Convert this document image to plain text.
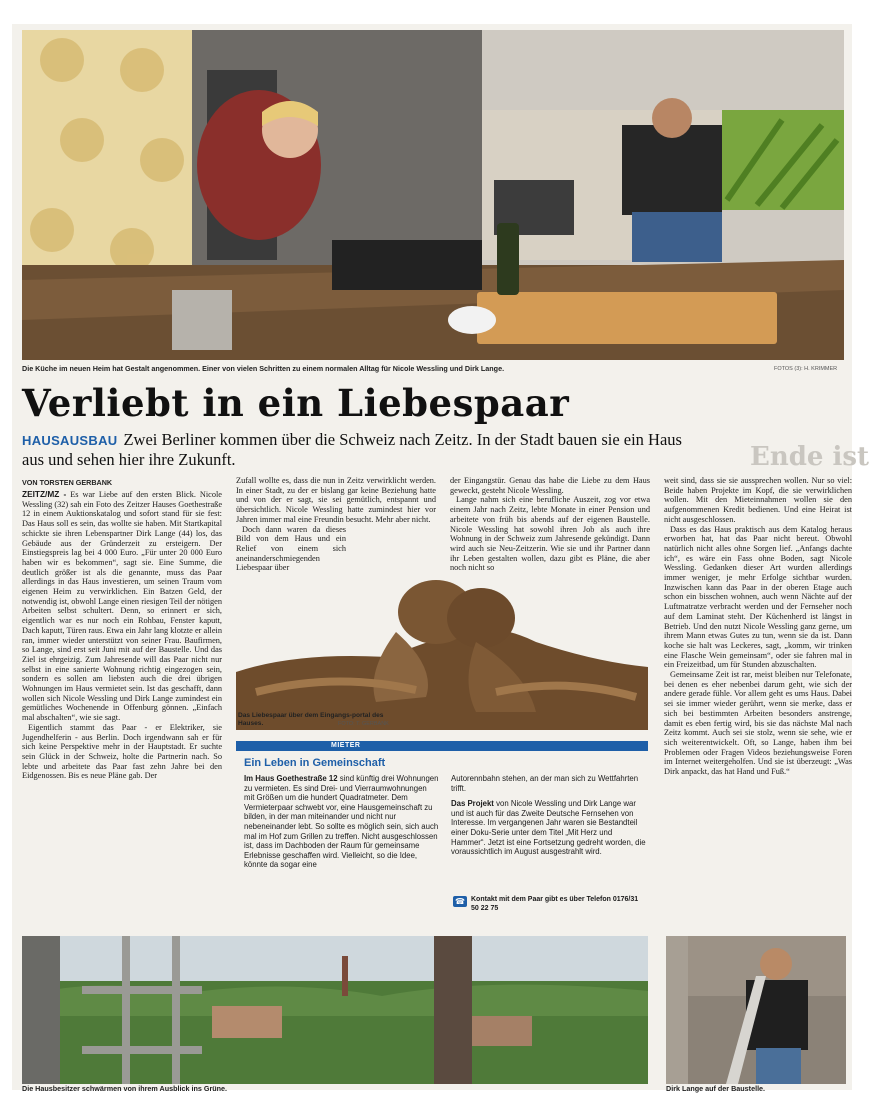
Die Küche im neuen Heim hat Gestalt angenommen. Einer von vielen Schritten zu einem normalen Alltag für Nicole Wessling und Dirk Lange.	FOTOS (3): H. KRIMMER
Ende ist
Verliebt in ein Liebespaar
HAUSAUSBAU Zwei Berliner kommen über die Schweiz nach Zeitz. In der Stadt bauen sie ein Haus aus und sehen hier ihre Zukunft.
VON TORSTEN GERBANK

ZEITZ/MZ - Es war Liebe auf den ersten Blick. Nicole Wessling (32) sah ein Foto des Zeitzer Hauses Goethestraße 12 in einem Auktionskatalog und sofort stand für sie fest: Das Haus soll es sein, das wollte sie haben. Mit Startkapital schickte sie ihren Lebenspartner Dirk Lange (44) los, das Gebäude aus der Gründerzeit zu ersteigern. Der Einstiegspreis lag bei 4 000 Euro. „Für unter 20 000 Euro haben wir es bekommen“, sagt sie. Eine Summe, die deutlich größer ist als die genannte, muss das Paar allerdings in das Haus investieren, um seinen Traum vom eigenen Heim zu verwirklichen. Ein Batzen Geld, der notwendig ist, obwohl Lange einen riesigen Teil der nötigen Arbeiten selbst schultert. Denn, so erinnert er sich, eigentlich war es nur noch ein Rohbau, Fenster kaputt, Dach kaputt, Türen raus. Etwa ein Jahr lang klotzte er allein ran, immer wieder unterstützt von seiner Frau. Baufirmen, so Lange, sind erst seit Juni mit auf der Baustelle. Und das Ziel ist ehrgeizig. Zum Jahresende will das Paar nicht nur selbst in eine sanierte Wohnung richtig eingezogen sein, sondern es sollen am liebsten auch die drei übrigen Wohnungen im Haus vermietet sein. Ist das geschafft, dann wollen sich Nicole Wessling und Dirk Lange zumindest ein gemütliches Wochenende in Offenburg gönnen. „Einfach mal abschalten“, wie sie sagt.

Eigentlich stammt das Paar - er Elektriker, sie Jugendhelferin - aus Berlin. Doch irgendwann sah er für sich keine Perspektive mehr in der Hauptstadt. Er suchte sein Glück in der Schweiz, holte die Partnerin nach. So lebte und arbeitete das Paar fast zehn Jahre bei den Eidgenossen. Bis es neue Pläne gab. Der

Zufall wollte es, dass die nun in Zeitz verwirklicht werden. In einer Stadt, zu der er bislang gar keine Beziehung hatte und von der er sagt, sie sei gemütlich, entspannt und übersichtlich. Nicole Wessling hatte zumindest hier vor Jahren immer mal eine Freundin besucht. Mehr aber nicht.

Doch dann waren da dieses Bild von dem Haus und ein Relief von einem sich aneinanderschmiegenden Liebespaar über

der Eingangstür. Genau das habe die Liebe zu dem Haus geweckt, gesteht Nicole Wessling.

Lange nahm sich eine berufliche Auszeit, zog vor etwa einem Jahr nach Zeitz, lebte Monate in einer Pension und arbeitete von früh bis abends auf der eigenen Baustelle. Nicole Wessling hat sowohl ihren Job als auch ihre Wohnung in der Schweiz zum Jahresende gekündigt. Dann wird auch sie Neu-Zeitzerin. Wie sie und ihr Partner dann ihr Leben gestalten wollen, dazu gibt es Pläne, die aber noch nicht so

Das Liebespaar über dem Eingangs-portal des Hauses.	FOTO: T. GERBANK
MIETER
Ein Leben in Gemeinschaft

Im Haus Goethestraße 12 sind künftig drei Wohnungen zu vermieten. Es sind Drei- und Vierraumwohnungen mit Größen um die hundert Quadratmeter. Dem Vermieterpaar schwebt vor, eine Hausgemeinschaft zu bilden, in der man miteinander und nicht nur nebeneinander lebt. So sollte es möglich sein, sich auch mal im Hof zum Grillen zu treffen. Nicht ausgeschlossen ist, dass im Dachboden der Raum für gemeinsame Erlebnisse geschaffen wird. Vielleicht, so die Idee, könnte da sogar eine

Autorennbahn stehen, an der man sich zu Wettfahrten trifft.

Das Projekt von Nicole Wessling und Dirk Lange war und ist auch für das Zweite Deutsche Fernsehen von Interesse. Im vergangenen Jahr waren sie Bestandteil einer Doku-Serie unter dem Titel „Mit Herz und Hammer“. Jetzt ist eine Fortsetzung gedreht worden, die voraussichtlich im August ausgestrahlt wird.

☎ Kontakt mit dem Paar gibt es über Telefon 0176/31 50 22 75

weit sind, dass sie sie aussprechen wollen. Nur so viel: Beide haben Projekte im Kopf, die sie verwirklichen wollen. Mit den Mieteinnahmen wollen sie den aufgenommenen Kredit bedienen. Und eine Heirat ist nicht ausgeschlossen.

Dass es das Haus praktisch aus dem Katalog heraus erworben hat, hat das Paar nicht bereut. Obwohl natürlich nicht alles ohne Sorgen lief. „Anfangs dachte ich“, es wäre ein Fass ohne Boden, sagt Nicole Wessling. Gedanken dieser Art wurden allerdings immer weniger, je mehr Erfolge sichtbar wurden. Inzwischen kann das Paar in der oberen Etage auch schon ein bisschen wohnen, auch wenn Nächte auf der Luftmatratze verbracht werden und der Fernseher noch auf dem Laminat steht. Der Küchenherd ist längst in Betrieb. Und den nutzt Nicole Wessling ganz gerne, um ihrem Mann etwas Gutes zu tun, wenn sie da ist. Dann koche sie halt was Leckeres, sagt, „komm, wir trinken eine Flasche Wein gemeinsam“, oder sie fahren mal in ein Freizeitbad, um für Stunden abzuschalten.

Gemeinsame Zeit ist rar, meist bleiben nur Telefonate, bei denen es eher nebenbei darum geht, wie sich der andere gerade fühle. Vor allem geht es ums Haus. Dabei sei sie immer wieder gerührt, wenn sie merke, dass er sich bei bestimmten Arbeiten besonders anstrenge, damit es eben fertig wird, bis sie das nächste Mal nach Zeitz kommt. Auch sei sie stolz, wenn sie sehe, wie er sich weiterentwickelt. Oft, so Lange, haben ihm bei Problemen oder Fragen Videos beziehungsweise Foren im Internet weitergeholfen. Und sie ist überzeugt: „Was Dirk anpackt, das hat Hand und Fuß.“

Die Hausbesitzer schwärmen von ihrem Ausblick ins Grüne.	Dirk Lange auf der Baustelle.
